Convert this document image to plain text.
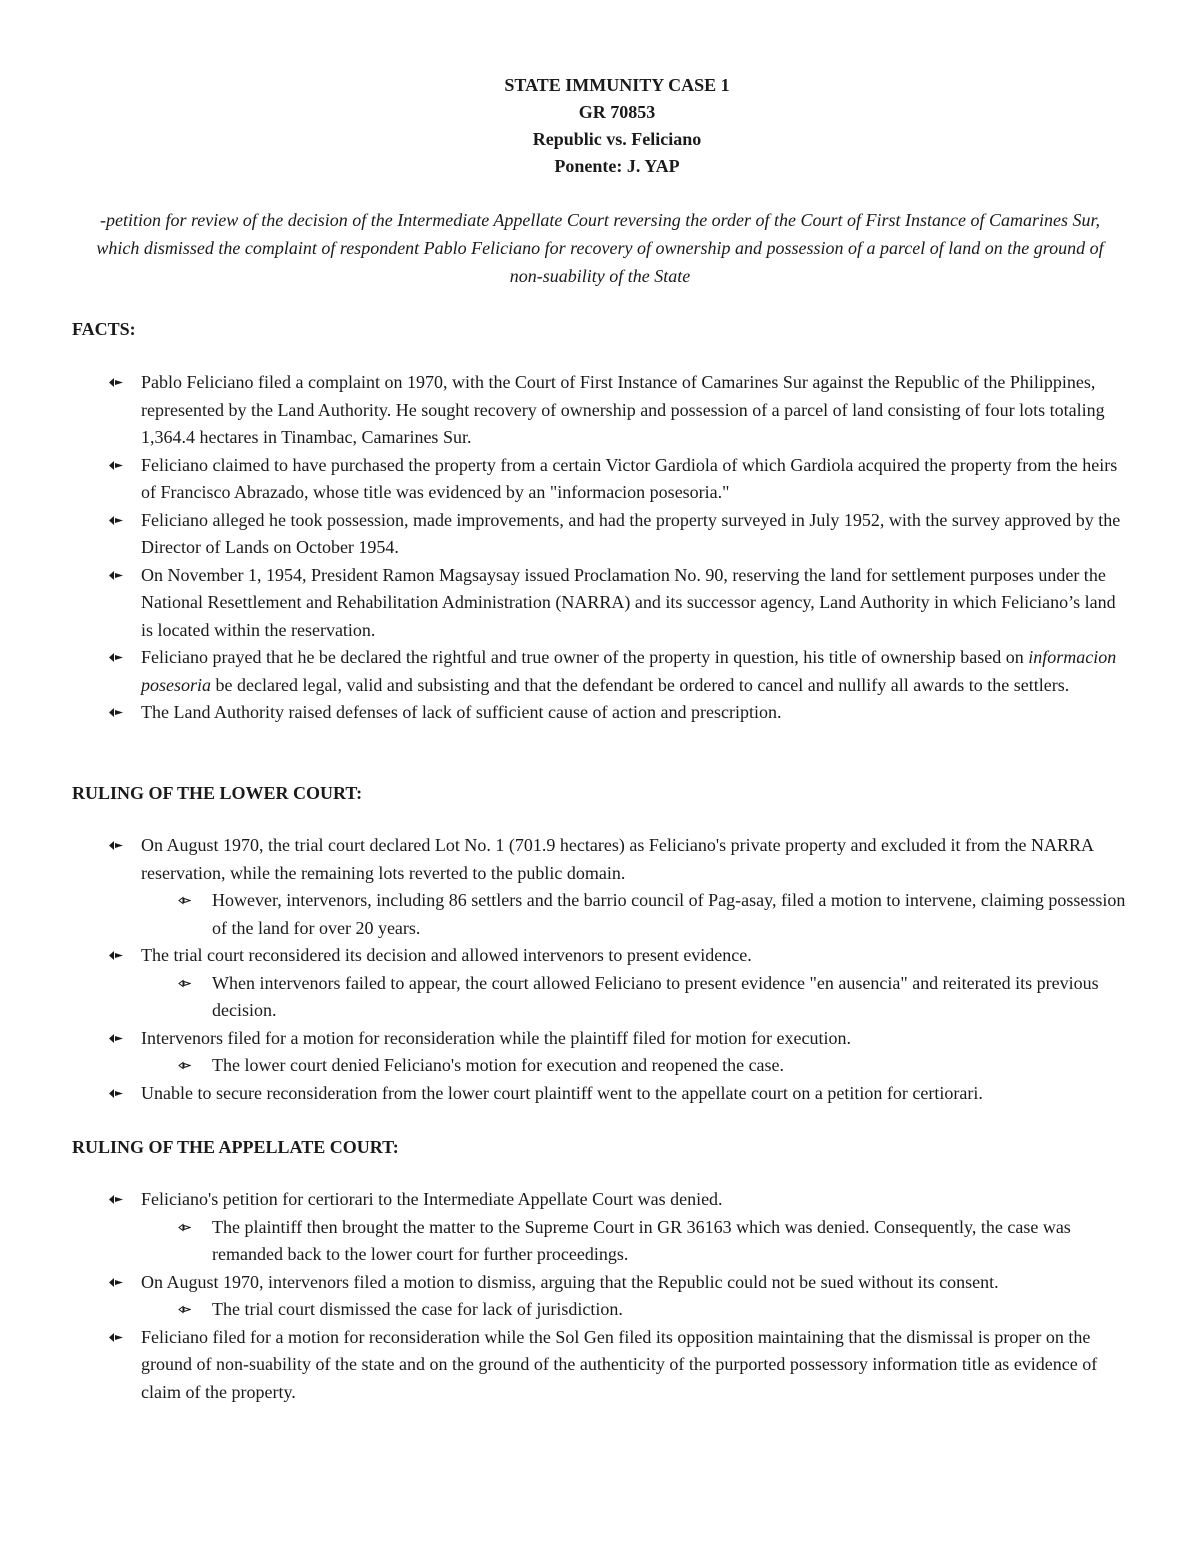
STATE IMMUNITY CASE 1
GR 70853
Republic vs. Feliciano
Ponente: J. YAP
-petition for review of the decision of the Intermediate Appellate Court reversing the order of the Court of First Instance of Camarines Sur, which dismissed the complaint of respondent Pablo Feliciano for recovery of ownership and possession of a parcel of land on the ground of non-suability of the State
FACTS:
Pablo Feliciano filed a complaint on 1970, with the Court of First Instance of Camarines Sur against the Republic of the Philippines, represented by the Land Authority. He sought recovery of ownership and possession of a parcel of land consisting of four lots totaling 1,364.4 hectares in Tinambac, Camarines Sur.
Feliciano claimed to have purchased the property from a certain Victor Gardiola of which Gardiola acquired the property from the heirs of Francisco Abrazado, whose title was evidenced by an "informacion posesoria."
Feliciano alleged he took possession, made improvements, and had the property surveyed in July 1952, with the survey approved by the Director of Lands on October 1954.
On November 1, 1954, President Ramon Magsaysay issued Proclamation No. 90, reserving the land for settlement purposes under the National Resettlement and Rehabilitation Administration (NARRA) and its successor agency, Land Authority in which Feliciano’s land is located within the reservation.
Feliciano prayed that he be declared the rightful and true owner of the property in question, his title of ownership based on informacion posesoria be declared legal, valid and subsisting and that the defendant be ordered to cancel and nullify all awards to the settlers.
The Land Authority raised defenses of lack of sufficient cause of action and prescription.
RULING OF THE LOWER COURT:
On August 1970, the trial court declared Lot No. 1 (701.9 hectares) as Feliciano's private property and excluded it from the NARRA reservation, while the remaining lots reverted to the public domain.
However, intervenors, including 86 settlers and the barrio council of Pag-asay, filed a motion to intervene, claiming possession of the land for over 20 years.
The trial court reconsidered its decision and allowed intervenors to present evidence.
When intervenors failed to appear, the court allowed Feliciano to present evidence "en ausencia" and reiterated its previous decision.
Intervenors filed for a motion for reconsideration while the plaintiff filed for motion for execution.
The lower court denied Feliciano's motion for execution and reopened the case.
Unable to secure reconsideration from the lower court plaintiff went to the appellate court on a petition for certiorari.
RULING OF THE APPELLATE COURT:
Feliciano's petition for certiorari to the Intermediate Appellate Court was denied.
The plaintiff then brought the matter to the Supreme Court in GR 36163 which was denied. Consequently, the case was remanded back to the lower court for further proceedings.
On August 1970, intervenors filed a motion to dismiss, arguing that the Republic could not be sued without its consent.
The trial court dismissed the case for lack of jurisdiction.
Feliciano filed for a motion for reconsideration while the Sol Gen filed its opposition maintaining that the dismissal is proper on the ground of non-suability of the state and on the ground of the authenticity of the purported possessory information title as evidence of claim of the property.
